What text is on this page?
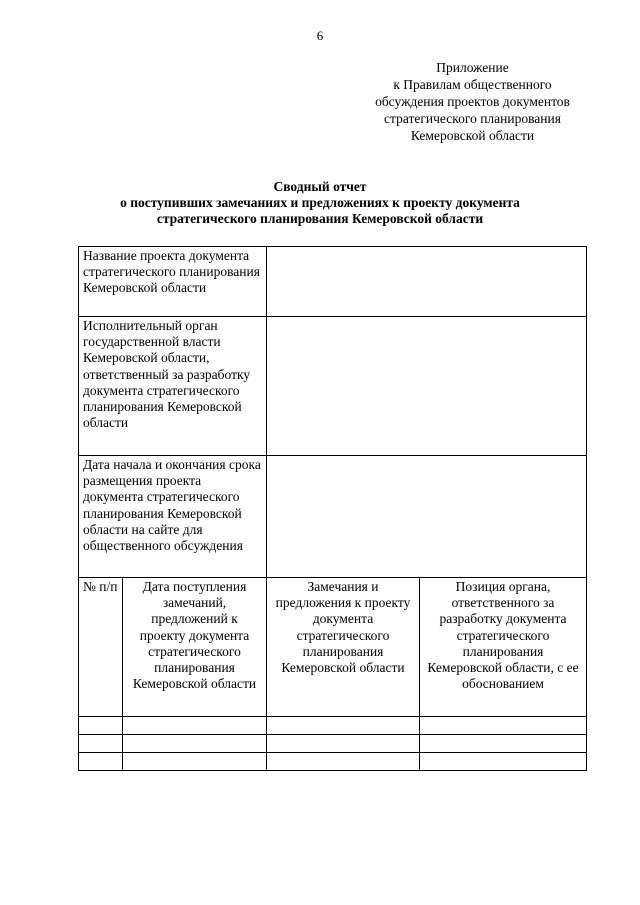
6
Приложение
к Правилам общественного
обсуждения проектов документов
стратегического планирования
Кемеровской области
Сводный отчет
о поступивших замечаниях и предложениях к проекту документа
стратегического планирования Кемеровской области
Название проекта документа стратегического планирования Кемеровской области			
Исполнительный орган государственной власти Кемеровской области, ответственный за разработку документа стратегического планирования Кемеровской области			
Дата начала и окончания срока размещения проекта документа стратегического планирования Кемеровской области на сайте для общественного обсуждения			
№ п/п	Дата поступления замечаний, предложений к проекту документа стратегического планирования Кемеровской области	Замечания и предложения к проекту документа стратегического планирования Кемеровской области	Позиция органа, ответственного за разработку документа стратегического планирования Кемеровской области, с ее обоснованием
